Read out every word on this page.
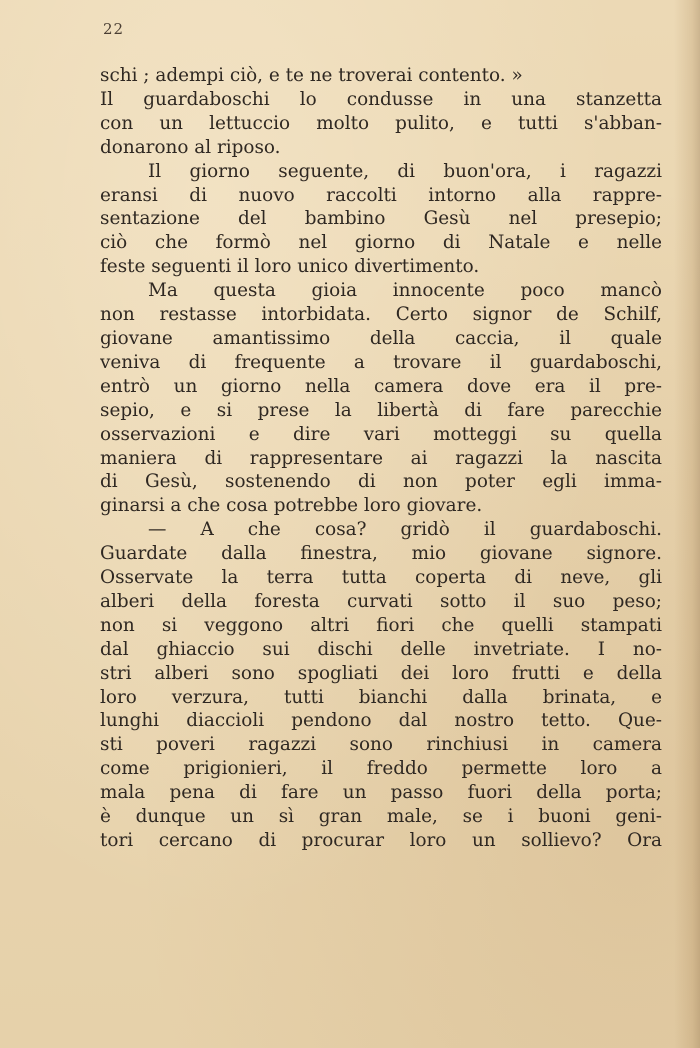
22
schi ; adempi ciò, e te ne troverai contento. »
Il guardaboschi lo condusse in una stanzetta
con un lettuccio molto pulito, e tutti s'abban-
donarono al riposo.
Il giorno seguente, di buon'ora, i ragazzi
eransi di nuovo raccolti intorno alla rappre-
sentazione del bambino Gesù nel presepio;
ciò che formò nel giorno di Natale e nelle
feste seguenti il loro unico divertimento.
Ma questa gioia innocente poco mancò
non restasse intorbidata. Certo signor de Schilf,
giovane amantissimo della caccia, il quale
veniva di frequente a trovare il guardaboschi,
entrò un giorno nella camera dove era il pre-
sepio, e si prese la libertà di fare parecchie
osservazioni e dire vari motteggi su quella
maniera di rappresentare ai ragazzi la nascita
di Gesù, sostenendo di non poter egli imma-
ginarsi a che cosa potrebbe loro giovare.
— A che cosa? gridò il guardaboschi.
Guardate dalla finestra, mio giovane signore.
Osservate la terra tutta coperta di neve, gli
alberi della foresta curvati sotto il suo peso;
non si veggono altri fiori che quelli stampati
dal ghiaccio sui dischi delle invetriate. I no-
stri alberi sono spogliati dei loro frutti e della
loro verzura, tutti bianchi dalla brinata, e
lunghi diaccioli pendono dal nostro tetto. Que-
sti poveri ragazzi sono rinchiusi in camera
come prigionieri, il freddo permette loro a
mala pena di fare un passo fuori della porta;
è dunque un sì gran male, se i buoni geni-
tori cercano di procurar loro un sollievo? Ora
